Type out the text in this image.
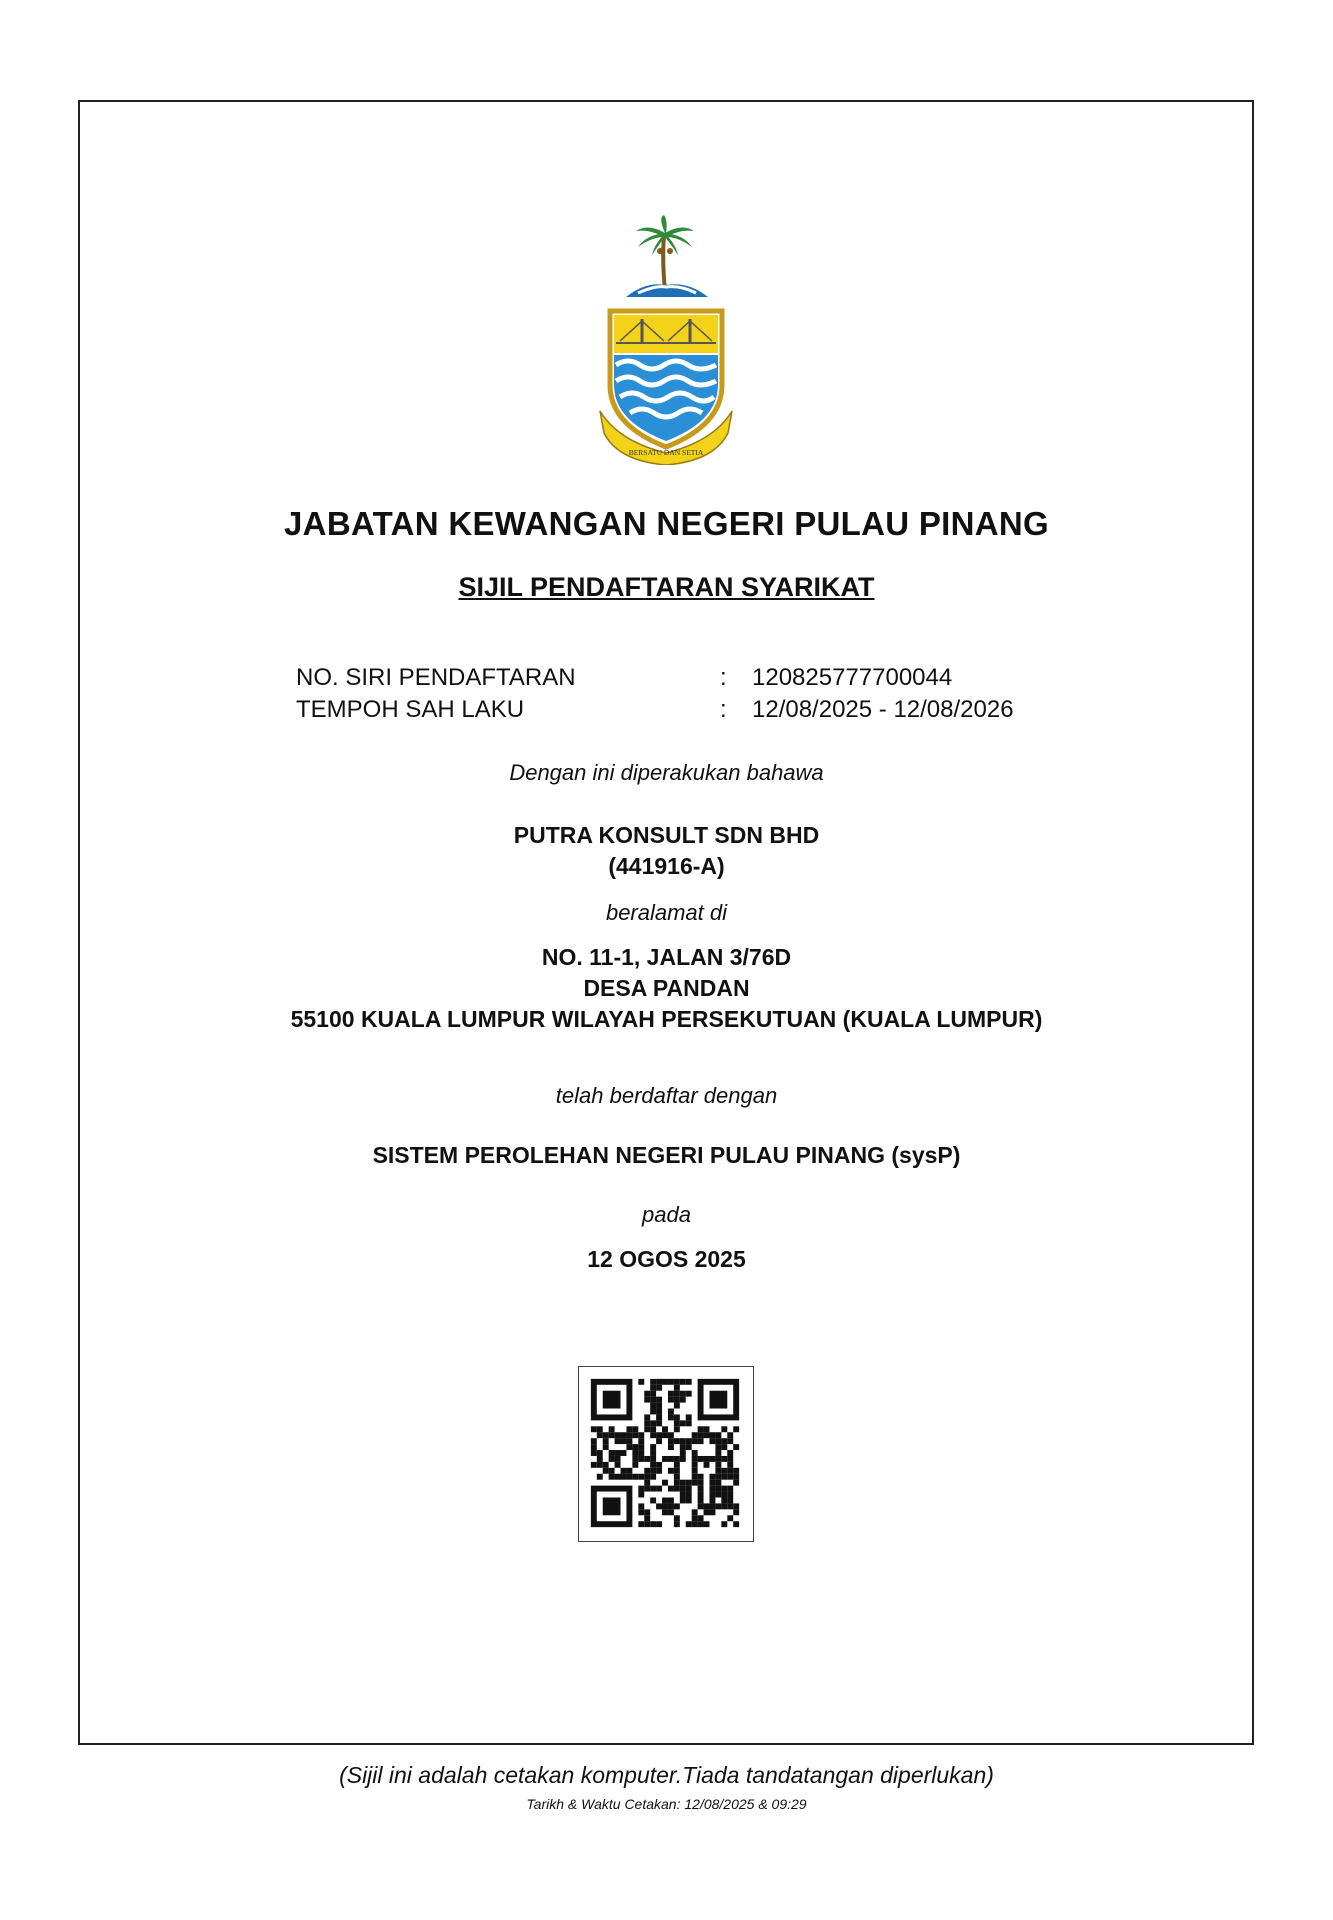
BERSATU DAN SETIA
JABATAN KEWANGAN NEGERI PULAU PINANG
SIJIL PENDAFTARAN SYARIKAT
NO. SIRI PENDAFTARAN	: 120825777700044
TEMPOH SAH LAKU	: 12/08/2025 - 12/08/2026
Dengan ini diperakukan bahawa
PUTRA KONSULT SDN BHD
(441916-A)
beralamat di
NO. 11-1, JALAN 3/76D
DESA PANDAN
55100 KUALA LUMPUR WILAYAH PERSEKUTUAN (KUALA LUMPUR)
telah berdaftar dengan
SISTEM PEROLEHAN NEGERI PULAU PINANG (sysP)
pada
12 OGOS 2025
(Sijil ini adalah cetakan komputer.Tiada tandatangan diperlukan)
Tarikh & Waktu Cetakan: 12/08/2025 & 09:29
